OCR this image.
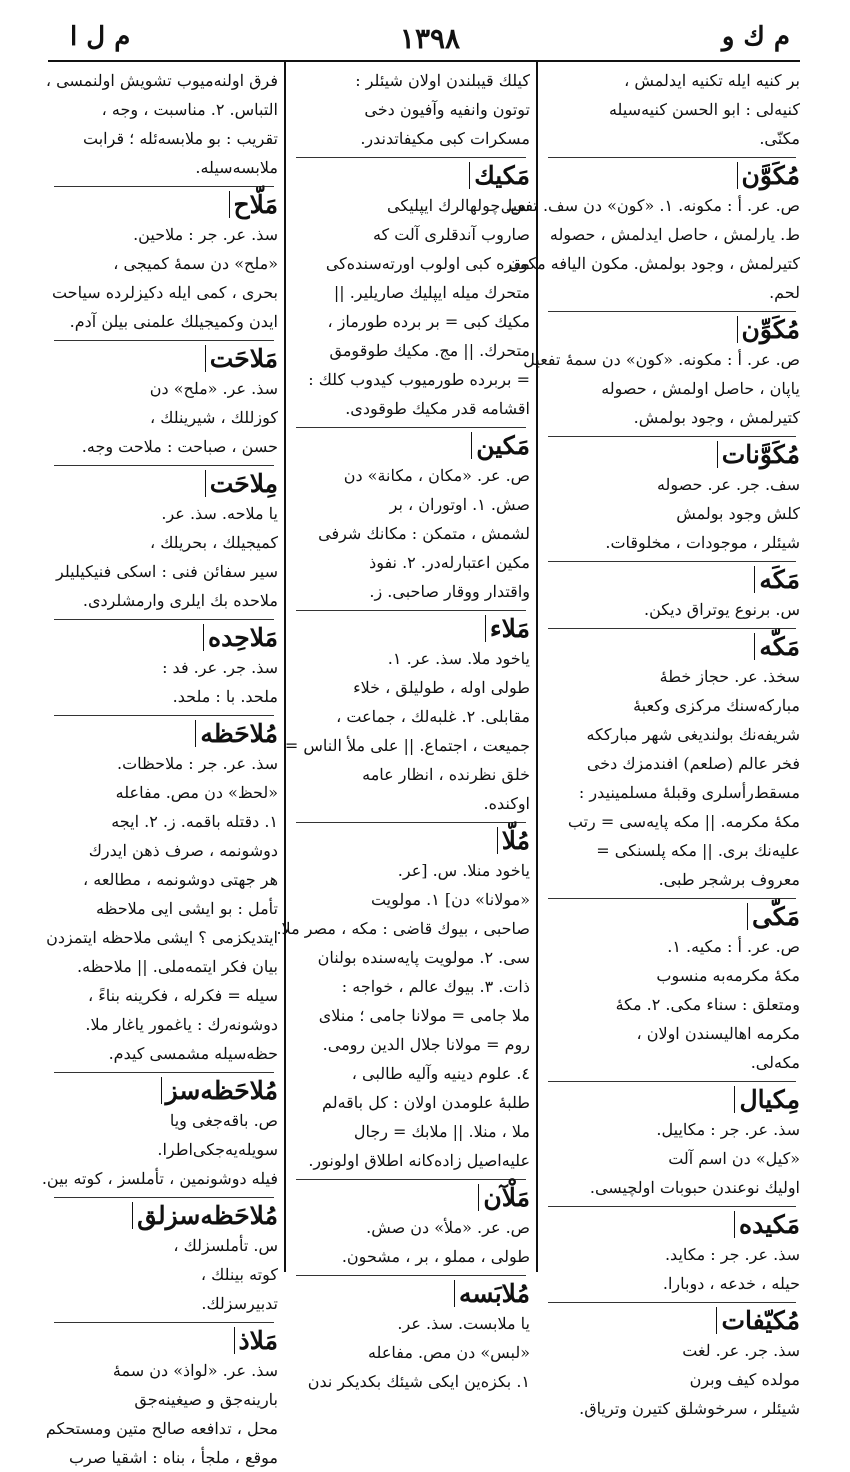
م ك و
١٣٩٨
م ل ا
بر كنيه ايله تكنيه ايدلمش ،
كنيه‌لى : ابو الحسن كنيه‌سيله
مكنّى.
مُكَوَّن
ص. عر. أ : مكونه. ١. «كون» دن سف. تفعيل
ط. يارلمش ، حاصل ايدلمش ، حصوله
كتيرلمش ، وجود بولمش. مكون اليافه مكون
لحم.
مُكَوِّن
ص. عر. أ : مكونه. «كون» دن سمهٔ تفعيل
ياپان ، حاصل اولمش ، حصوله
كتيرلمش ، وجود بولمش.
مُكَوَّنات
سف. جر. عر. حصوله
كلش وجود بولمش
شيئلر ، موجودات ، مخلوقات.
مَكَه
س. برنوع يوتراق ديكن.
مَكّه
سخذ. عر. حجاز خطهٔ
مباركه‌سنك مركزى وكعبهٔ
شريفه‌نك بولنديغى شهر مبارككه
فخر عالم (صلعم) افندمزك دخى
مسقط‌رأسلرى وقبلهٔ مسلمينيدر :
مكهٔ مكرمه. || مكه پايه‌سى = رتب
عليه‌نك برى. || مكه پلسنكى =
معروف برشجر طبى.
مَكّى
ص. عر. أ : مكيه. ١.
مكهٔ مكرمه‌به منسوب
ومتعلق : سناء مكى. ٢. مكهٔ
مكرمه اهاليسندن اولان ،
مكه‌لى.
مِكيال
سذ. عر. جر : مكاييل.
«كيل» دن اسم آلت
اوليك نوعندن حبوبات اولچيسى.
مَكيده
سذ. عر. جر : مكايد.
حيله ، خدعه ، دوبارا.
مُكيّفات
سذ. جر. عر. لغت
مولده كيف وبرن
شيئلر ، سرخوشلق كتيرن وترياق.
كيلك قيبلندن اولان شيئلر :
توتون وانفيه وآفيون دخى
مسكرات كبى مكيفاتدندر.
مَكيك
س. چولهالرك ايپليكى
صاروب آندقلرى آلت كه
مقره كبى اولوب اورته‌سنده‌كى
متحرك ميله ايپليك صاريلير. ||
مكيك كبى = بر برده طورماز ،
متحرك. || مج. مكيك طوقومق
= بربرده طورميوب كيدوب كلك :
اقشامه قدر مكيك طوقودى.
مَكين
ص. عر. «مكان ، مكانة» دن
صش. ١. اوتوران ، بر
لشمش ، متمكن : مكانك شرفى
مكين اعتبارله‌در. ٢. نفوذ
واقتدار ووقار صاحبى. ز.
مَلاء
ياخود ملا. سذ. عر. ١.
طولى اوله ، طوليلق ، خلاء
مقابلى. ٢. غلبه‌لك ، جماعت ،
جميعت ، اجتماع. || على ملأ الناس =
خلق نظرنده ، انظار عامه
اوكنده.
مُلّا
ياخود منلا. س. [عر.
«مولانا» دن] ١. مولويت
صاحبى ، بيوك قاضى : مكه ، مصر ملا.
سى. ٢. مولويت پايه‌سنده بولنان
ذات. ٣. بيوك عالم ، خواجه :
ملا جامى = مولانا جامى ؛ منلاى
روم = مولانا جلال الدين رومى.
٤. علوم دينيه وآليه طالبى ،
طلبهٔ علومدن اولان : كل باقه‌لم
ملا ، منلا. || ملابك = رجال
عليه‌اصيل زاده‌كانه اطلاق اولونور.
مَلْآن
ص. عر. «ملأ» دن صش.
طولى ، مملو ، بر ، مشحون.
مُلابَسه
يا ملابست. سذ. عر.
«لبس» دن مص. مفاعله
١. بكزه‌ين ايكى شيئك بكديكر ندن
فرق اولنه‌ميوب تشويش اولنمسى ،
التباس. ٢. مناسبت ، وجه ،
تقريب : بو ملابسه‌ئله ؛ قرابت
ملابسه‌سيله.
مَلّاح
سذ. عر. جر : ملاحين.
«ملح» دن سمهٔ كميجى ،
بحرى ، كمى ايله دكيزلرده سياحت
ايدن وكميجيلك علمنى بيلن آدم.
مَلاحَت
سذ. عر. «ملح» دن
كوزللك ، شيرينلك ،
حسن ، صباحت : ملاحت وجه.
مِلاحَت
يا ملاحه. سذ. عر.
كميجيلك ، بحريلك ،
سير سفائن فنى : اسكى فنيكيليلر
ملاحده بك ايلرى وارمشلردى.
مَلاحِده
سذ. جر. عر. فد :
ملحد. با : ملحد.
مُلاحَظه
سذ. عر. جر : ملاحظات.
«لحظ» دن مص. مفاعله
١. دقتله باقمه. ز. ٢. ايجه
دوشونمه ، صرف ذهن ايدرك
هر جهتى دوشونمه ، مطالعه ،
تأمل : بو ايشى ايى ملاحظه
ايتديكزمى ؟ ايشى ملاحظه ايتمزدن
بيان فكر ايتمه‌ملى. || ملاحظه.
سيله = فكرله ، فكرينه بناءً ،
دوشونه‌رك : ياغمور ياغار ملا.
حظه‌سيله مشمسى كيدم.
مُلاحَظه‌سز
ص. باقه‌جغى ويا
سويله‌يه‌جكى‌اطرا.
فيله دوشونمين ، تأملسز ، كوته بين.
مُلاحَظه‌سزلق
س. تأملسزلك ،
كوته بينلك ،
تدبيرسزلك.
مَلاذ
سذ. عر. «لواذ» دن سمهٔ
بارينه‌جق و صيغينه‌جق
محل ، تدافعه صالح متين ومستحكم
موقع ، ملجأ ، بناه : اشقيا صرب
